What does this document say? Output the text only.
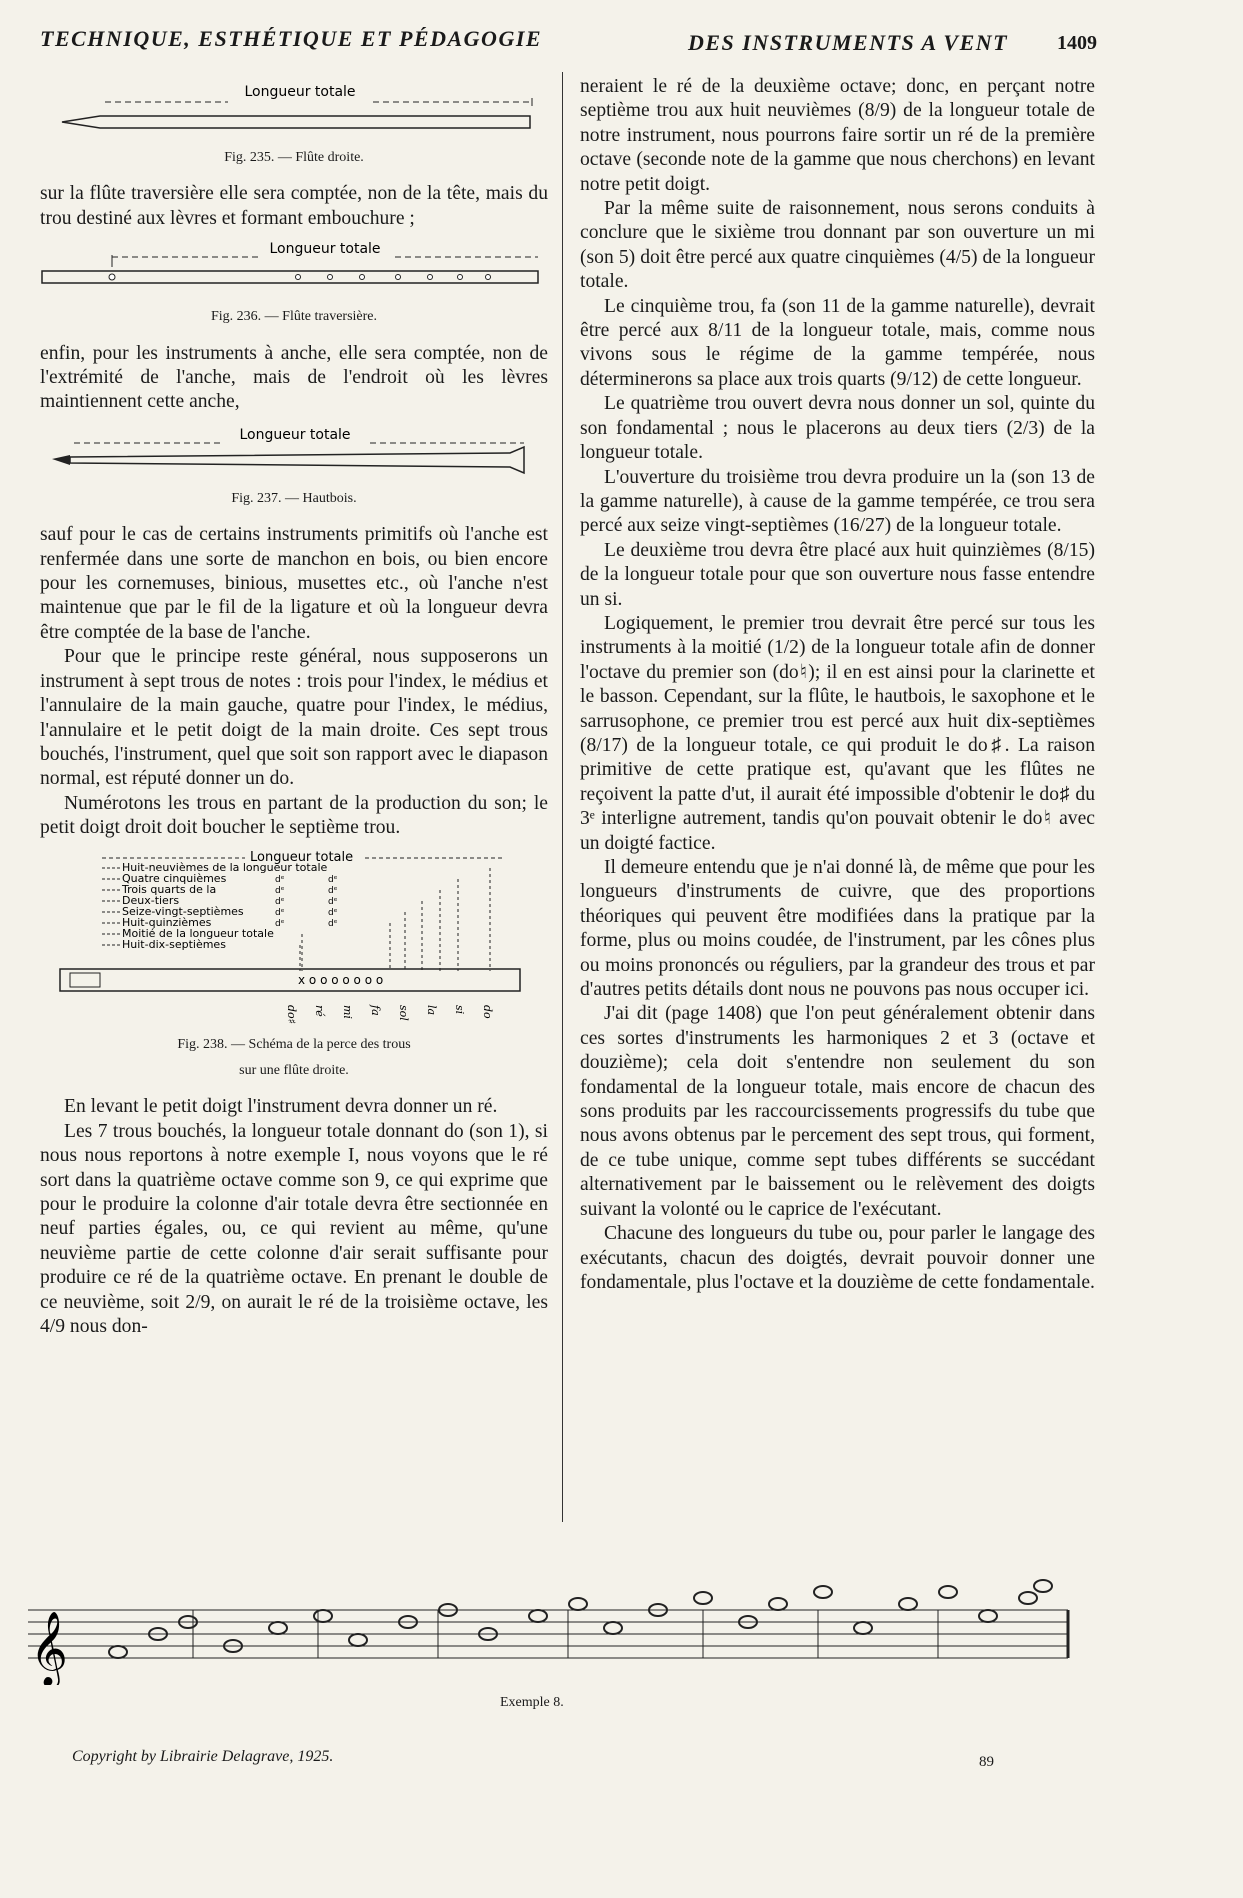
TECHNIQUE, ESTHÉTIQUE ET PÉDAGOGIE	DES INSTRUMENTS A VENT 1409
Longueur totale
Fig. 235. — Flûte droite.

sur la flûte traversière elle sera comptée, non de la tête, mais du trou destiné aux lèvres et formant embouchure ;

Longueur totale
Fig. 236. — Flûte traversière.

enfin, pour les instruments à anche, elle sera comptée, non de l'extrémité de l'anche, mais de l'endroit où les lèvres maintiennent cette anche,

Longueur totale
Fig. 237. — Hautbois.

sauf pour le cas de certains instruments primitifs où l'anche est renfermée dans une sorte de manchon en bois, ou bien encore pour les cornemuses, binious, musettes etc., où l'anche n'est maintenue que par le fil de la ligature et où la longueur devra être comptée de la base de l'anche.

Pour que le principe reste général, nous supposerons un instrument à sept trous de notes : trois pour l'index, le médius et l'annulaire de la main gauche, quatre pour l'index, le médius, l'annulaire et le petit doigt de la main droite. Ces sept trous bouchés, l'instrument, quel que soit son rapport avec le diapason normal, est réputé donner un do.

Numérotons les trous en partant de la production du son; le petit doigt droit doit boucher le septième trou.

Longueur totale
Huit-neuvièmes de la longueur totale
Quatre cinquièmes	dᵉ	dᵉ
Trois quarts de la	dᵉ	dᵉ
Deux-tiers	dᵉ	dᵉ
Seize-vingt-septièmes	dᵉ	dᵉ
Huit-quinzièmes	dᵉ	dᵉ
Moitié de la longueur totale
Huit-dix-septièmes
x o o o o o o o
do♯ ré mi fa sol la si do
Fig. 238. — Schéma de la perce des trous
sur une flûte droite.

En levant le petit doigt l'instrument devra donner un ré.

Les 7 trous bouchés, la longueur totale donnant do (son 1), si nous nous reportons à notre exemple I, nous voyons que le ré sort dans la quatrième octave comme son 9, ce qui exprime que pour le produire la colonne d'air totale devra être sectionnée en neuf parties égales, ou, ce qui revient au même, qu'une neuvième partie de cette colonne d'air serait suffisante pour produire ce ré de la quatrième octave. En prenant le double de ce neuvième, soit 2/9, on aurait le ré de la troisième octave, les 4/9 nous don-

neraient le ré de la deuxième octave; donc, en perçant notre septième trou aux huit neuvièmes (8/9) de la longueur totale de notre instrument, nous pourrons faire sortir un ré de la première octave (seconde note de la gamme que nous cherchons) en levant notre petit doigt.

Par la même suite de raisonnement, nous serons conduits à conclure que le sixième trou donnant par son ouverture un mi (son 5) doit être percé aux quatre cinquièmes (4/5) de la longueur totale.

Le cinquième trou, fa (son 11 de la gamme naturelle), devrait être percé aux 8/11 de la longueur totale, mais, comme nous vivons sous le régime de la gamme tempérée, nous déterminerons sa place aux trois quarts (9/12) de cette longueur.

Le quatrième trou ouvert devra nous donner un sol, quinte du son fondamental ; nous le placerons au deux tiers (2/3) de la longueur totale.

L'ouverture du troisième trou devra produire un la (son 13 de la gamme naturelle), à cause de la gamme tempérée, ce trou sera percé aux seize vingt-septièmes (16/27) de la longueur totale.

Le deuxième trou devra être placé aux huit quinzièmes (8/15) de la longueur totale pour que son ouverture nous fasse entendre un si.

Logiquement, le premier trou devrait être percé sur tous les instruments à la moitié (1/2) de la longueur totale afin de donner l'octave du premier son (do♮); il en est ainsi pour la clarinette et le basson. Cependant, sur la flûte, le hautbois, le saxophone et le sarrusophone, ce premier trou est percé aux huit dix-septièmes (8/17) de la longueur totale, ce qui produit le do♯. La raison primitive de cette pratique est, qu'avant que les flûtes ne reçoivent la patte d'ut, il aurait été impossible d'obtenir le do♯ du 3ᵉ interligne autrement, tandis qu'on pouvait obtenir le do♮ avec un doigté factice.

Il demeure entendu que je n'ai donné là, de même que pour les longueurs d'instruments de cuivre, que des proportions théoriques qui peuvent être modifiées dans la pratique par la forme, plus ou moins coudée, de l'instrument, par les cônes plus ou moins prononcés ou réguliers, par la grandeur des trous et par d'autres petits détails dont nous ne pouvons pas nous occuper ici.

J'ai dit (page 1408) que l'on peut généralement obtenir dans ces sortes d'instruments les harmoniques 2 et 3 (octave et douzième); cela doit s'entendre non seulement du son fondamental de la longueur totale, mais encore de chacun des sons produits par les raccourcissements progressifs du tube que nous avons obtenus par le percement des sept trous, qui forment, de ce tube unique, comme sept tubes différents se succédant alternativement par le baissement ou le relèvement des doigts suivant la volonté ou le caprice de l'exécutant.

Chacune des longueurs du tube ou, pour parler le langage des exécutants, chacun des doigtés, devrait pouvoir donner une fondamentale, plus l'octave et la douzième de cette fondamentale.

𝄞
Exemple 8.
Copyright by Librairie Delagrave, 1925.	89
